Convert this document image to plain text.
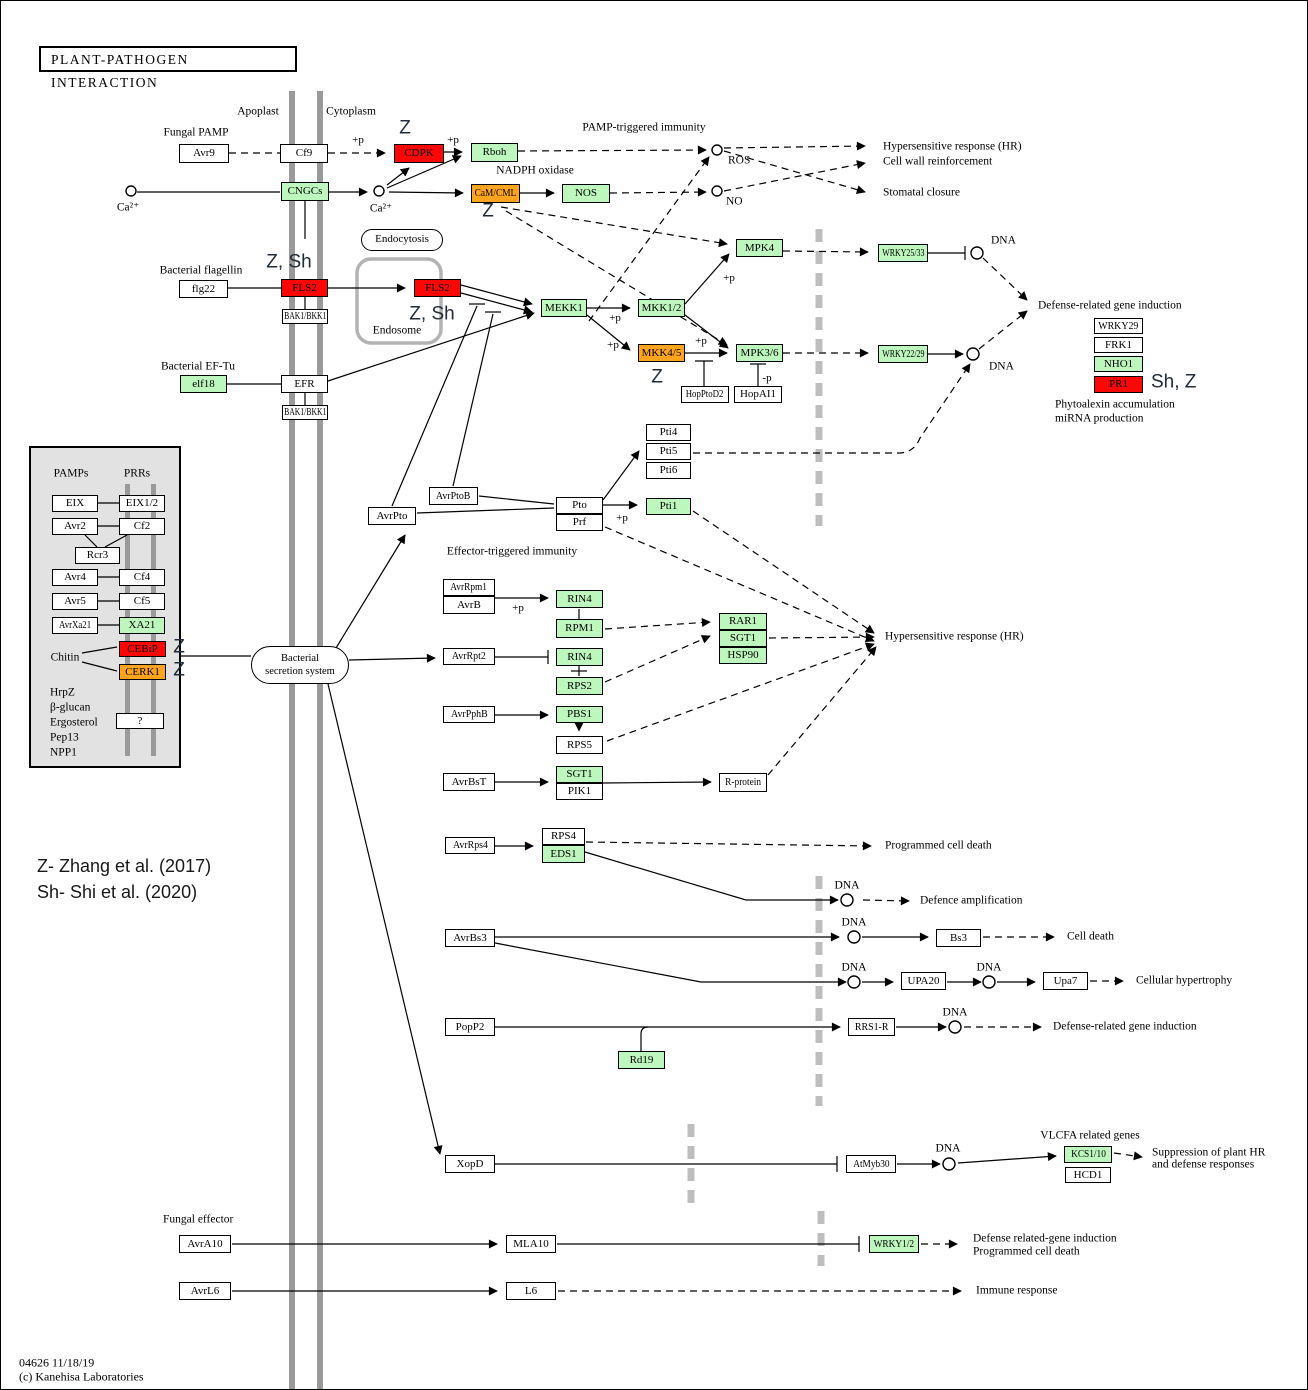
PLANT-PATHOGEN INTERACTION
Endocytosis
Bacterial
secretion system
Z- Zhang et al. (2017)
Sh- Shi et al. (2020)
04626 11/18/19
(c) Kanehisa Laboratories
Avr9	Cf9	CDPK	Rboh
CNGCs	CaM/CML	NOS
flg22	FLS2
BAK1/BKK1
FLS2
elf18	EFR
BAK1/BKK1
MEKK1	MKK1/2
MKK4/5
MPK4
MPK3/6
HopPtoD2 HopAI1
WRKY25/33
WRKY22/29
WRKY29
FRK1
NHO1
PR1
AvrPto
AvrPtoB
Pto
Prf
Pti4
Pti5
Pti6
Pti1
AvrRpm1
AvrB	RIN4
RPM1
AvrRpt2	RIN4
RPS2
AvrPphB	PBS1
RPS5
AvrBsT
SGT1
PIK1
RAR1
SGT1
HSP90
R-protein
AvrRps4
RPS4
EDS1
AvrBs3	Bs3
UPA20	Upa7
PopP2	RRS1-R
Rd19
XopD	AtMyb30
KCS1/10
HCD1
AvrA10	MLA10	WRKY1/2
AvrL6	L6
EIX	EIX1/2
Avr2	Cf2
Rcr3
Avr4	Cf4
Avr5	Cf5
AvrXa21	XA21
CEBiP
CERK1
?
Apoplast	Cytoplasm
Fungal PAMP	PAMP-triggered immunity
NADPH oxidase
ROS
NO
Ca²⁺	Ca²⁺
Hypersensitive response (HR)
Cell wall reinforcement
Stomatal closure
Bacterial flagellin
Endosome
Bacterial EF-Tu
DNA
DNA
Defense-related gene induction
Phytoalexin accumulation
miRNA production
Effector-triggered immunity
Hypersensitive response (HR)
Programmed cell death
DNA
Defence amplification
DNA
Cell death
DNA	DNA
Cellular hypertrophy
DNA
Defense-related gene induction
VLCFA related genes
DNA	Suppression of plant HR
and defense responses
Fungal effector
Defense related-gene induction
Programmed cell death
Immune response
PAMPs	PRRs
Chitin
HrpZ
β-glucan
Ergosterol
Pep13
NPP1
+p	+p
+p
+p	+p
+p
+p
+p
-p
Z
Z
Z
Z
Z
Z, Sh
Z, Sh
Sh, Z
